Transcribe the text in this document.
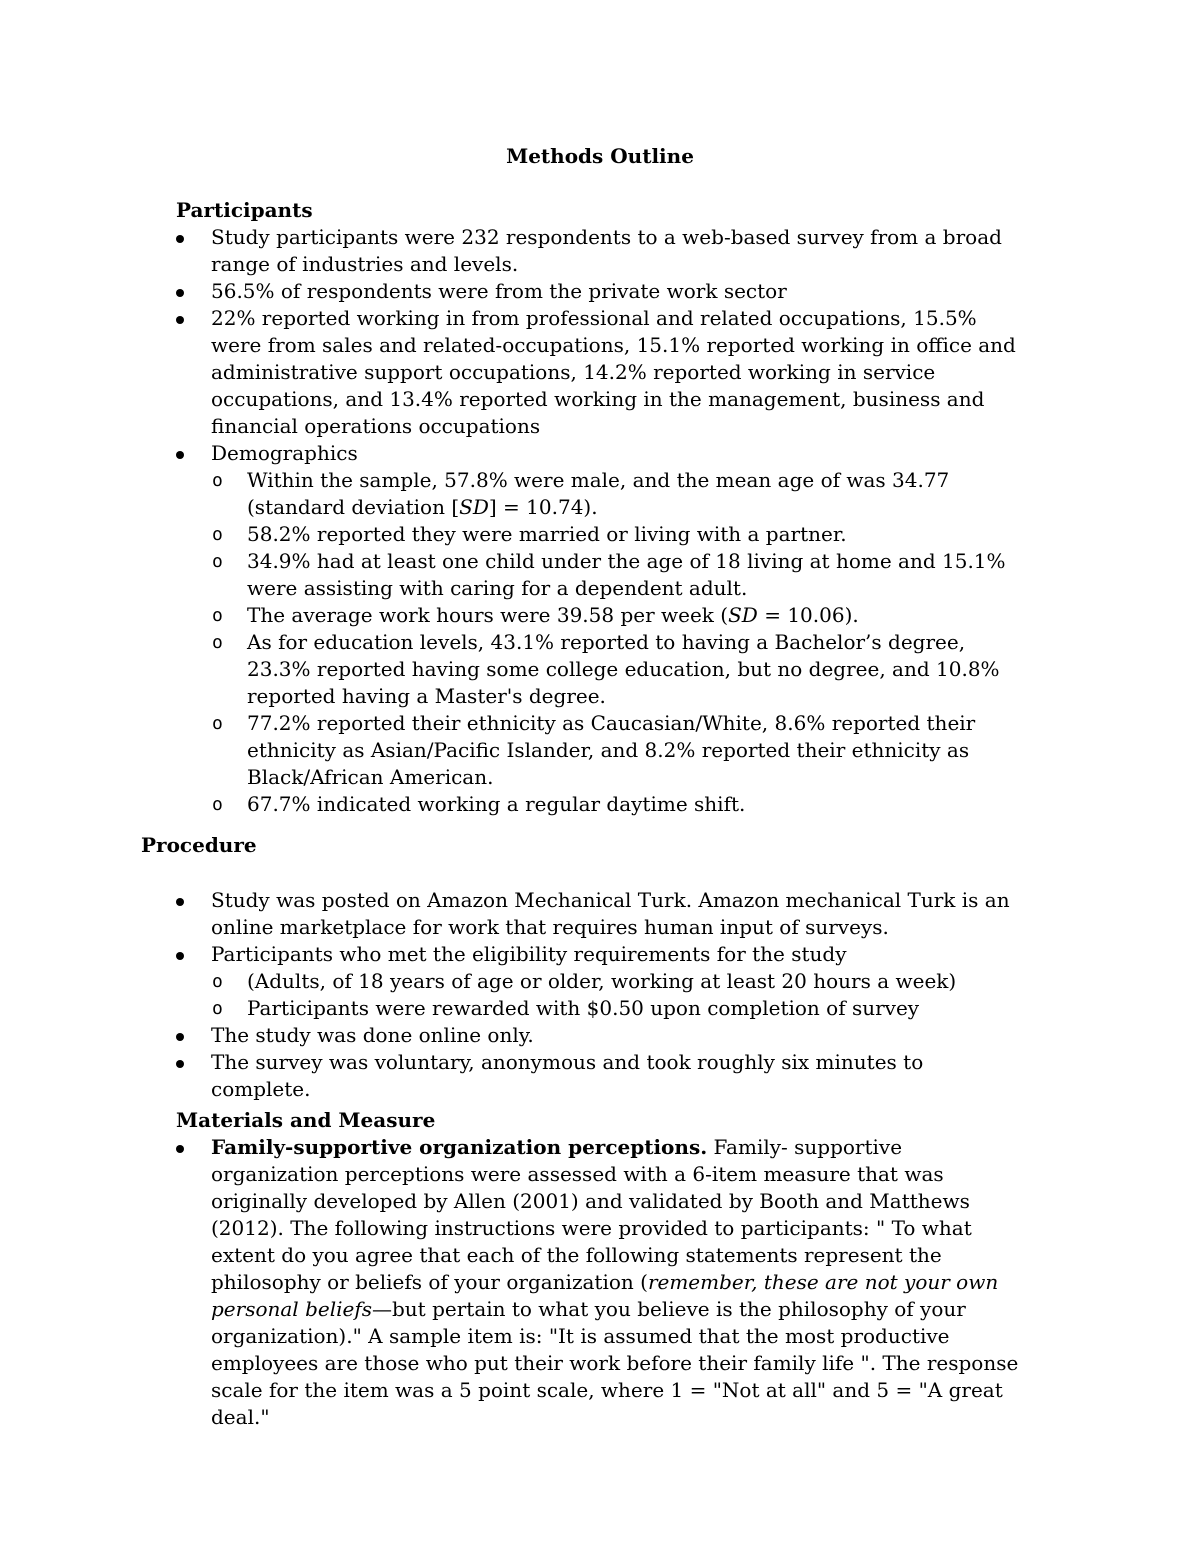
Methods Outline
Participants
Study participants were 232 respondents to a web-based survey from a broad range of industries and levels.
56.5% of respondents were from the private work sector
22% reported working in from professional and related occupations, 15.5% were from sales and related-occupations, 15.1% reported working in office and administrative support occupations, 14.2% reported working in service occupations, and 13.4% reported working in the management, business and financial operations occupations
Demographics
o Within the sample, 57.8% were male, and the mean age of was 34.77 (standard deviation [SD] = 10.74).
o 58.2% reported they were married or living with a partner.
o 34.9% had at least one child under the age of 18 living at home and 15.1% were assisting with caring for a dependent adult.
o The average work hours were 39.58 per week (SD = 10.06).
o As for education levels, 43.1% reported to having a Bachelor’s degree, 23.3% reported having some college education, but no degree, and 10.8% reported having a Master's degree.
o 77.2% reported their ethnicity as Caucasian/White, 8.6% reported their ethnicity as Asian/Pacific Islander, and 8.2% reported their ethnicity as Black/African American.
o 67.7% indicated working a regular daytime shift.
Procedure
Study was posted on Amazon Mechanical Turk. Amazon mechanical Turk is an online marketplace for work that requires human input of surveys.
Participants who met the eligibility requirements for the study
o (Adults, of 18 years of age or older, working at least 20 hours a week)
o Participants were rewarded with $0.50 upon completion of survey
The study was done online only.
The survey was voluntary, anonymous and took roughly six minutes to complete.
Materials and Measure
Family-supportive organization perceptions. Family- supportive organization perceptions were assessed with a 6-item measure that was originally developed by Allen (2001) and validated by Booth and Matthews (2012). The following instructions were provided to participants: " To what extent do you agree that each of the following statements represent the philosophy or beliefs of your organization (remember, these are not your own personal beliefs—but pertain to what you believe is the philosophy of your organization)." A sample item is: "It is assumed that the most productive employees are those who put their work before their family life ". The response scale for the item was a 5 point scale, where 1 = "Not at all" and 5 = "A great deal."
